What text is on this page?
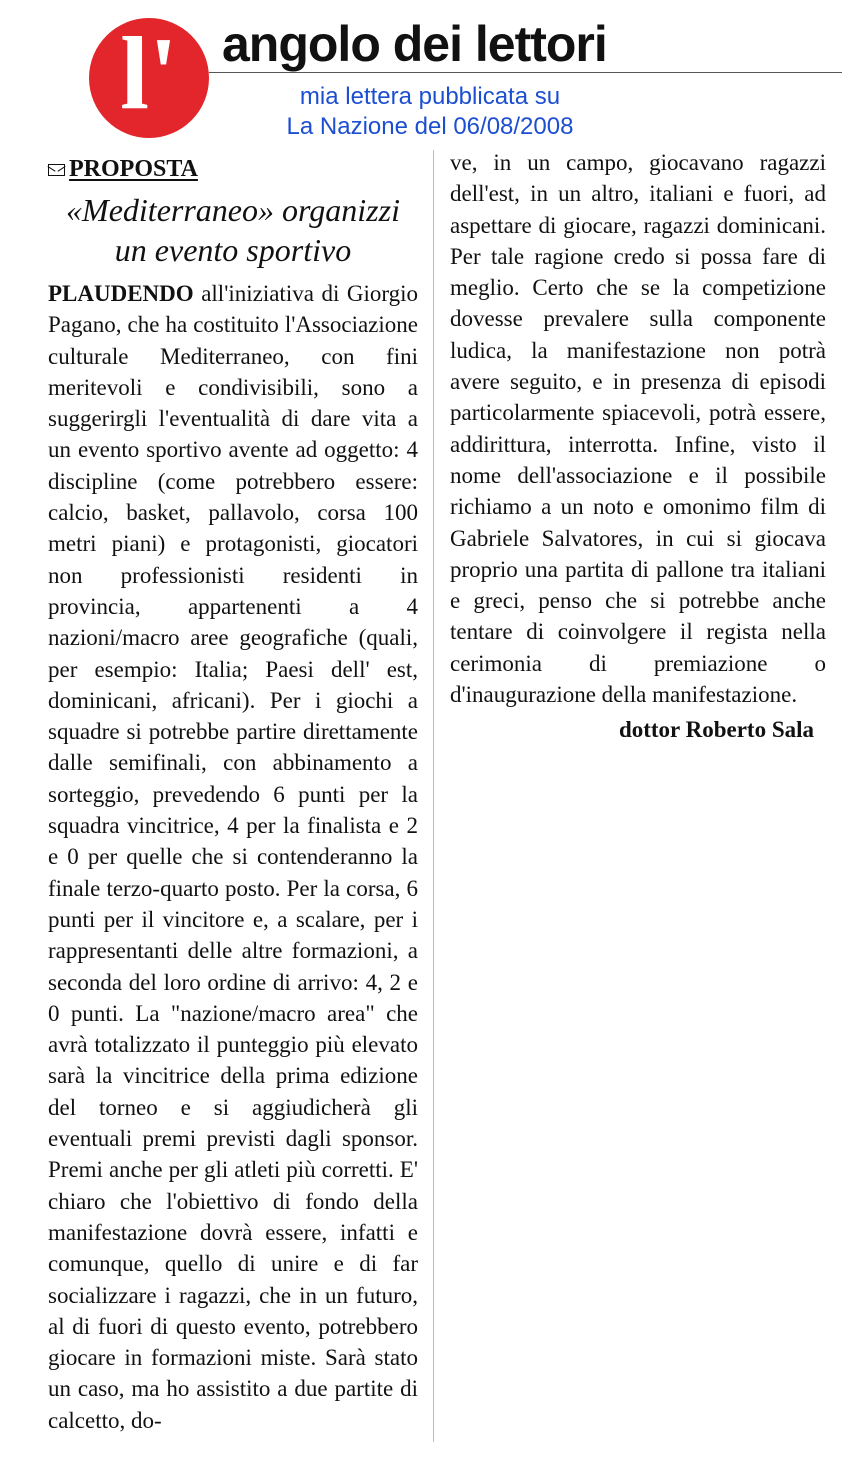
l' angolo dei lettori
mia lettera pubblicata su
La Nazione del 06/08/2008
PROPOSTA
«Mediterraneo» organizzi
un evento sportivo

PLAUDENDO all'iniziativa di Giorgio Pagano, che ha costituito l'Associazione culturale Mediterraneo, con fini meritevoli e condivisibili, sono a suggerirgli l'eventualità di dare vita a un evento sportivo avente ad oggetto: 4 discipline (come potrebbero essere: calcio, basket, pallavolo, corsa 100 metri piani) e protagonisti, giocatori non professionisti residenti in provincia, appartenenti a 4 nazioni/macro aree geografiche (quali, per esempio: Italia; Paesi dell' est, dominicani, africani). Per i giochi a squadre si potrebbe partire direttamente dalle semifinali, con abbinamento a sorteggio, prevedendo 6 punti per la squadra vincitrice, 4 per la finalista e 2 e 0 per quelle che si contenderanno la finale terzo-quarto posto. Per la corsa, 6 punti per il vincitore e, a scalare, per i rappresentanti delle altre formazioni, a seconda del loro ordine di arrivo: 4, 2 e 0 punti. La "nazione/macro area" che avrà totalizzato il punteggio più elevato sarà la vincitrice della prima edizione del torneo e si aggiudicherà gli eventuali premi previsti dagli sponsor. Premi anche per gli atleti più corretti. E' chiaro che l'obiettivo di fondo della manifestazione dovrà essere, infatti e comunque, quello di unire e di far socializzare i ragazzi, che in un futuro, al di fuori di questo evento, potrebbero giocare in formazioni miste. Sarà stato un caso, ma ho assistito a due partite di calcetto, do-

ve, in un campo, giocavano ragazzi dell'est, in un altro, italiani e fuori, ad aspettare di giocare, ragazzi dominicani. Per tale ragione credo si possa fare di meglio. Certo che se la competizione dovesse prevalere sulla componente ludica, la manifestazione non potrà avere seguito, e in presenza di episodi particolarmente spiacevoli, potrà essere, addirittura, interrotta. Infine, visto il nome dell'associazione e il possibile richiamo a un noto e omonimo film di Gabriele Salvatores, in cui si giocava proprio una partita di pallone tra italiani e greci, penso che si potrebbe anche tentare di coinvolgere il regista nella cerimonia di premiazione o d'inaugurazione della manifestazione.

dottor Roberto Sala
